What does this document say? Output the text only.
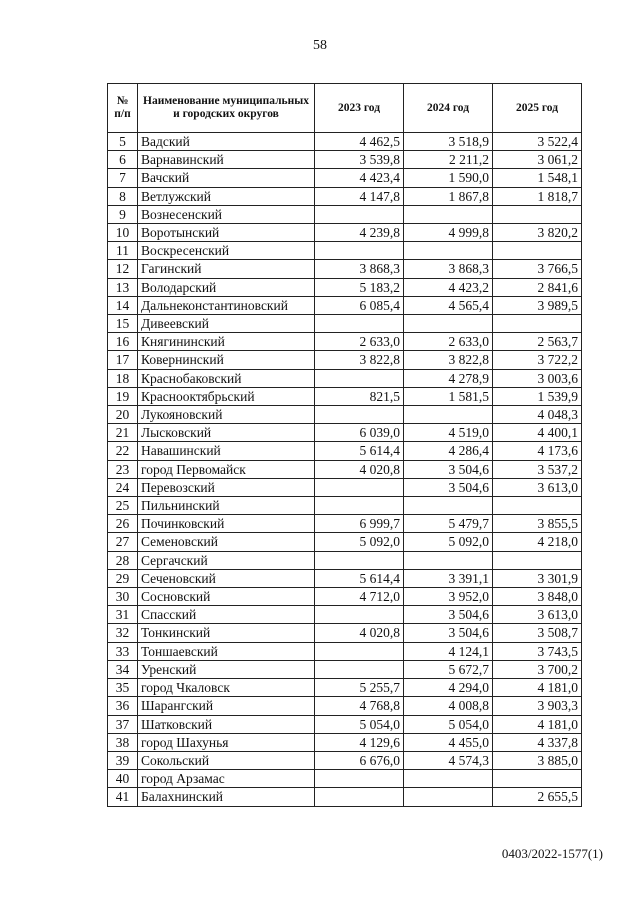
58
№ п/п	Наименование муниципальных и городских округов	2023 год	2024 год	2025 год
5	Вадский	4 462,5	3 518,9	3 522,4
6	Варнавинский	3 539,8	2 211,2	3 061,2
7	Вачский	4 423,4	1 590,0	1 548,1
8	Ветлужский	4 147,8	1 867,8	1 818,7
9	Вознесенский			
10	Воротынский	4 239,8	4 999,8	3 820,2
11	Воскресенский			
12	Гагинский	3 868,3	3 868,3	3 766,5
13	Володарский	5 183,2	4 423,2	2 841,6
14	Дальнеконстантиновский	6 085,4	4 565,4	3 989,5
15	Дивеевский			
16	Княгининский	2 633,0	2 633,0	2 563,7
17	Ковернинский	3 822,8	3 822,8	3 722,2
18	Краснобаковский		4 278,9	3 003,6
19	Краснооктябрьский	821,5	1 581,5	1 539,9
20	Лукояновский			4 048,3
21	Лысковский	6 039,0	4 519,0	4 400,1
22	Навашинский	5 614,4	4 286,4	4 173,6
23	город Первомайск	4 020,8	3 504,6	3 537,2
24	Перевозский		3 504,6	3 613,0
25	Пильнинский			
26	Починковский	6 999,7	5 479,7	3 855,5
27	Семеновский	5 092,0	5 092,0	4 218,0
28	Сергачский			
29	Сеченовский	5 614,4	3 391,1	3 301,9
30	Сосновский	4 712,0	3 952,0	3 848,0
31	Спасский		3 504,6	3 613,0
32	Тонкинский	4 020,8	3 504,6	3 508,7
33	Тоншаевский		4 124,1	3 743,5
34	Уренский		5 672,7	3 700,2
35	город Чкаловск	5 255,7	4 294,0	4 181,0
36	Шарангский	4 768,8	4 008,8	3 903,3
37	Шатковский	5 054,0	5 054,0	4 181,0
38	город Шахунья	4 129,6	4 455,0	4 337,8
39	Сокольский	6 676,0	4 574,3	3 885,0
40	город Арзамас			
41	Балахнинский			2 655,5
0403/2022-1577(1)
